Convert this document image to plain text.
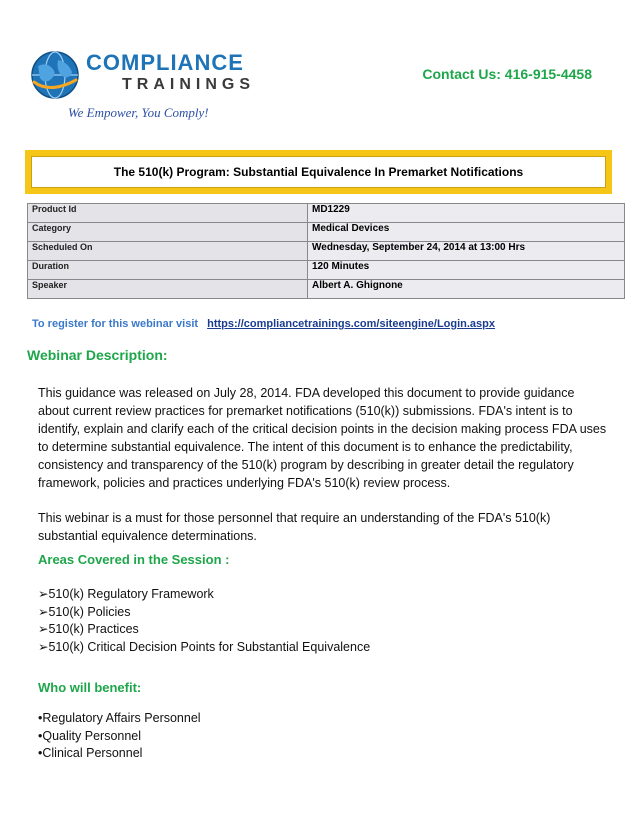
COMPLIANCE
TRAININGS
We Empower, You Comply!
Contact Us: 416-915-4458
The 510(k) Program: Substantial Equivalence In Premarket Notifications
Product Id	MD1229
Category	Medical Devices
Scheduled On	Wednesday, September 24, 2014 at 13:00 Hrs
Duration	120 Minutes
Speaker	Albert A. Ghignone
To register for this webinar visit https://compliancetrainings.com/siteengine/Login.aspx
Webinar Description:
This guidance was released on July 28, 2014. FDA developed this document to provide guidance about current review practices for premarket notifications (510(k)) submissions. FDA's intent is to identify, explain and clarify each of the critical decision points in the decision making process FDA uses to determine substantial equivalence. The intent of this document is to enhance the predictability, consistency and transparency of the 510(k) program by describing in greater detail the regulatory framework, policies and practices underlying FDA's 510(k) review process.
This webinar is a must for those personnel that require an understanding of the FDA's 510(k) substantial equivalence determinations.
Areas Covered in the Session :
➢510(k) Regulatory Framework
➢510(k) Policies
➢510(k) Practices
➢510(k) Critical Decision Points for Substantial Equivalence
Who will benefit:
•Regulatory Affairs Personnel
•Quality Personnel
•Clinical Personnel
